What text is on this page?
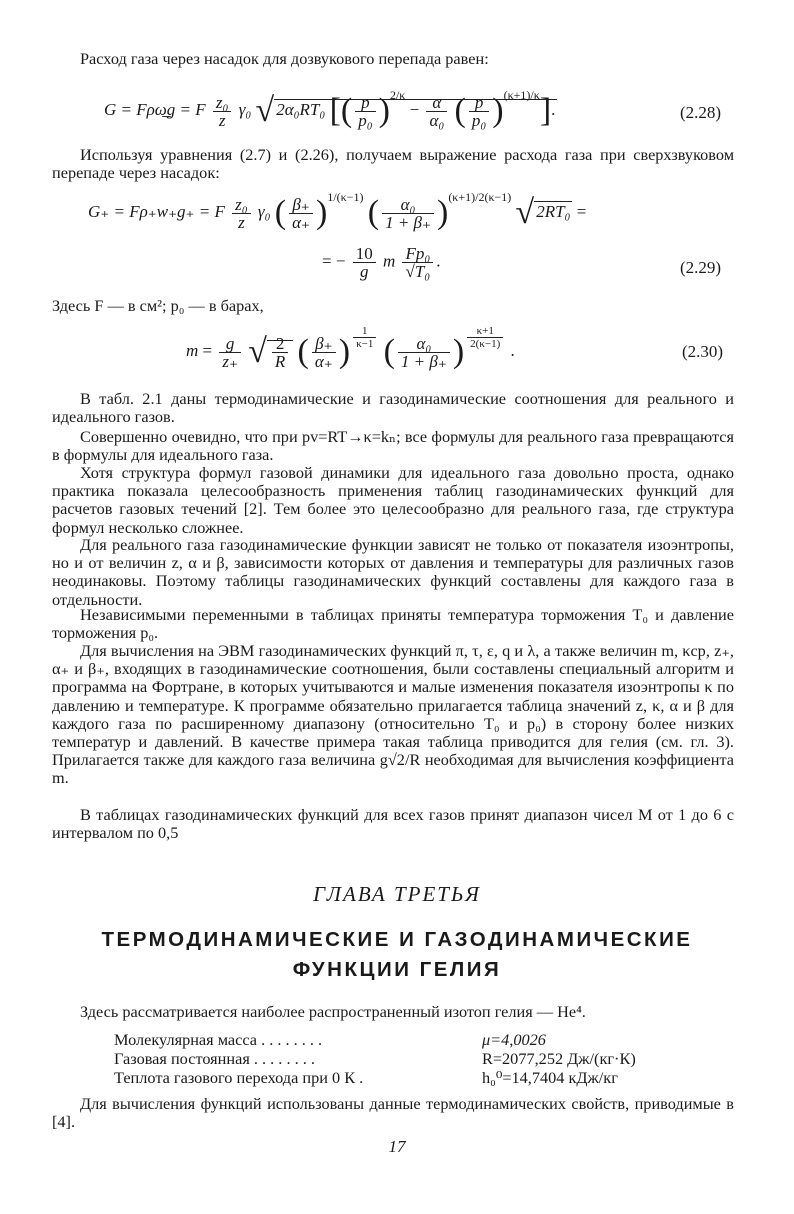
Расход газа через насадок для дозвукового перепада равен:

G = Fρω̲g = F $\frac{\text{z₀}}{z} \gamma_0$ √ 2α₀RT₀ [( $\frac{p}{\text{p₀}} )^{2/\kappa} - \frac{\alpha}{\text{α₀}}$ ( $\frac{p}{\text{p₀}} )^{(\kappa+1)/\kappa}$].	(2.28)

Используя уравнения (2.7) и (2.26), получаем выражение расхода газа при сверхзвуковом перепаде через насадок:

G₊ = Fρ₊w₊g₊ = F $\frac{\text{z₀}}{z} \gamma_0$ ( $\frac{\beta_+}{\alpha_+} )^{1/(\kappa-1)}$ ( $\frac{\text{α₀}}{1 + \beta_+} )^{(\kappa+1)/2(\kappa-1)}$ √ 2RT₀ =
= − $\frac{10}{g}$ m $\frac{\text{Fp₀}}{\text{√T₀}}$ .	(2.29)

Здесь F — в см²; p₀ — в барах,

$m = \frac{g}{z_+}$ √ $\frac{2}{R}$ ( $\frac{\beta_+}{\alpha_+}$ ) $^{\frac{1}{\kappa-1}}$ ( $\frac{\text{α₀}}{1 + \beta_+}$ ) $^{\frac{\kappa+1}{2(\kappa-1)}}$
.	(2.30)

В табл. 2.1 даны термодинамические и газодинамические соотношения для реального и идеального газов.

Совершенно очевидно, что при pv=RT→κ=kₙ; все формулы для реального газа превращаются в формулы для идеального газа.

Хотя структура формул газовой динамики для идеального газа довольно проста, однако практика показала целесообразность применения таблиц газодинамических функций для расчетов газовых течений [2]. Тем более это целесообразно для реального газа, где структура формул несколько сложнее.

Для реального газа газодинамические функции зависят не только от показателя изоэнтропы, но и от величин z, α и β, зависимости которых от давления и температуры для различных газов неодинаковы. Поэтому таблицы газодинамических функций составлены для каждого газа в отдельности.

Независимыми переменными в таблицах приняты температура торможения T₀ и давление торможения p₀.

Для вычисления на ЭВМ газодинамических функций π, τ, ε, q и λ, а также величин m, κср, z₊, α₊ и β₊, входящих в газодинамические соотношения, были составлены специальный алгоритм и программа на Фортране, в которых учитываются и малые изменения показателя изоэнтропы κ по давлению и температуре. К программе обязательно прилагается таблица значений z, κ, α и β для каждого газа по расширенному диапазону (относительно T₀ и p₀) в сторону более низких температур и давлений. В качестве примера такая таблица приводится для гелия (см. гл. 3). Прилагается также для каждого газа величина g√2/R необходимая для вычисления коэффициента m.

В таблицах газодинамических функций для всех газов принят диапазон чисел М от 1 до 6 с интервалом по 0,5

ГЛАВА ТРЕТЬЯ
ТЕРМОДИНАМИЧЕСКИЕ И ГАЗОДИНАМИЧЕСКИЕ
ФУНКЦИИ ГЕЛИЯ

Здесь рассматривается наиболее распространенный изотоп гелия — He⁴.

Молекулярная масса . . . . . . . .	μ=4,0026
Газовая постоянная . . . . . . . .	R=2077,252 Дж/(кг·К)
Теплота газового перехода при 0 К .	h₀⁰=14,7404 кДж/кг

Для вычисления функций использованы данные термодинамических свойств, приводимые в [4].

17
